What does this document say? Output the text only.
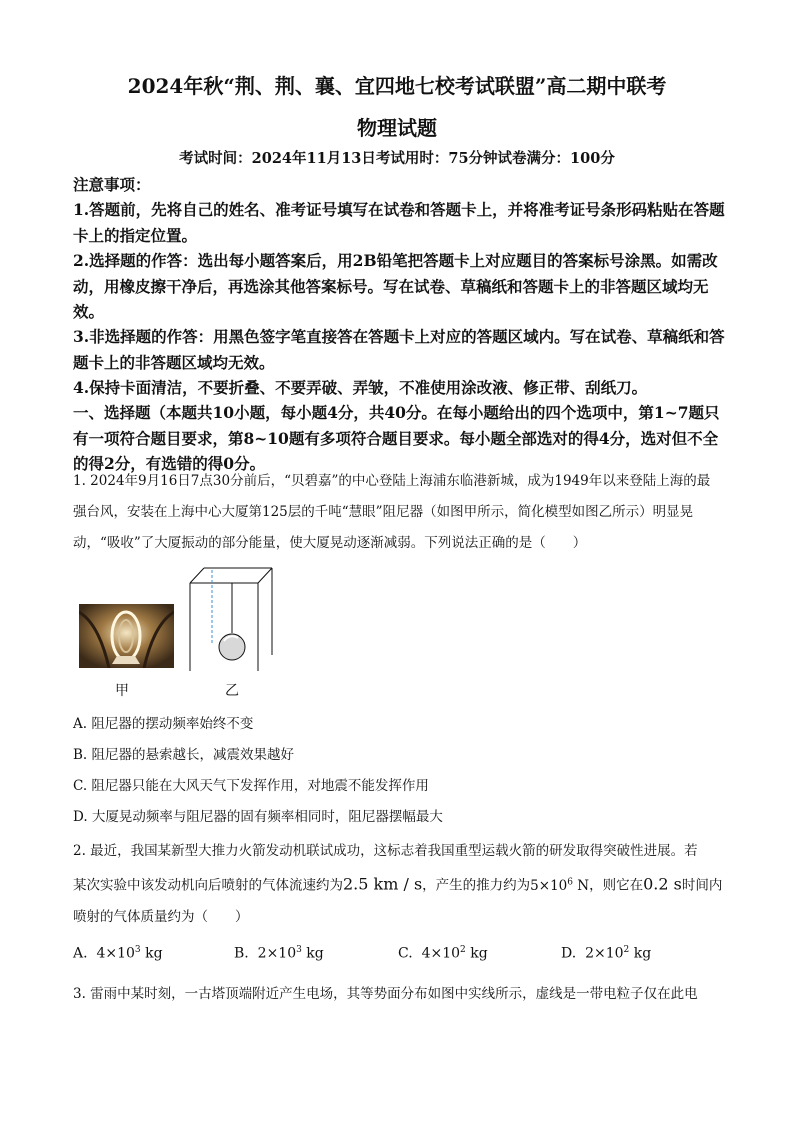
2024年秋“荆、荆、襄、宜四地七校考试联盟”高二期中联考
物理试题
考试时间：2024年11月13日考试用时：75分钟试卷满分：100分
注意事项：
1.答题前，先将自己的姓名、准考证号填写在试卷和答题卡上，并将准考证号条形码粘贴在答题卡上的指定位置。
2.选择题的作答：选出每小题答案后，用2B铅笔把答题卡上对应题目的答案标号涂黑。如需改动，用橡皮擦干净后，再选涂其他答案标号。写在试卷、草稿纸和答题卡上的非答题区域均无效。
3.非选择题的作答：用黑色签字笔直接答在答题卡上对应的答题区域内。写在试卷、草稿纸和答题卡上的非答题区域均无效。
4.保持卡面清洁，不要折叠、不要弄破、弄皱，不准使用涂改液、修正带、刮纸刀。
一、选择题（本题共10小题，每小题4分，共40分。在每小题给出的四个选项中，第1~7题只有一项符合题目要求，第8~10题有多项符合题目要求。每小题全部选对的得4分，选对但不全的得2分，有选错的得0分。
1. 2024年9月16日7点30分前后，“贝碧嘉”的中心登陆上海浦东临港新城，成为1949年以来登陆上海的最强台风，安装在上海中心大厦第125层的千吨“慧眼”阻尼器（如图甲所示，简化模型如图乙所示）明显晃动，“吸收”了大厦振动的部分能量，使大厦晃动逐渐减弱。下列说法正确的是（　　）
甲	乙
A. 阻尼器的摆动频率始终不变
B. 阻尼器的悬索越长，减震效果越好
C. 阻尼器只能在大风天气下发挥作用，对地震不能发挥作用
D. 大厦晃动频率与阻尼器的固有频率相同时，阻尼器摆幅最大
2. 最近，我国某新型大推力火箭发动机联试成功，这标志着我国重型运载火箭的研发取得突破性进展。若
某次实验中该发动机向后喷射的气体流速约为2.5 km / s，产生的推力约为$5\times 10^6$ N，则它在0.2 s时间内
喷射的气体质量约为（　　）
A. $4\times 10^3$ kg	B. $2\times 10^3$ kg	C. $4\times 10^2$ kg	D. $2\times 10^2$ kg
3. 雷雨中某时刻，一古塔顶端附近产生电场，其等势面分布如图中实线所示，虚线是一带电粒子仅在此电
